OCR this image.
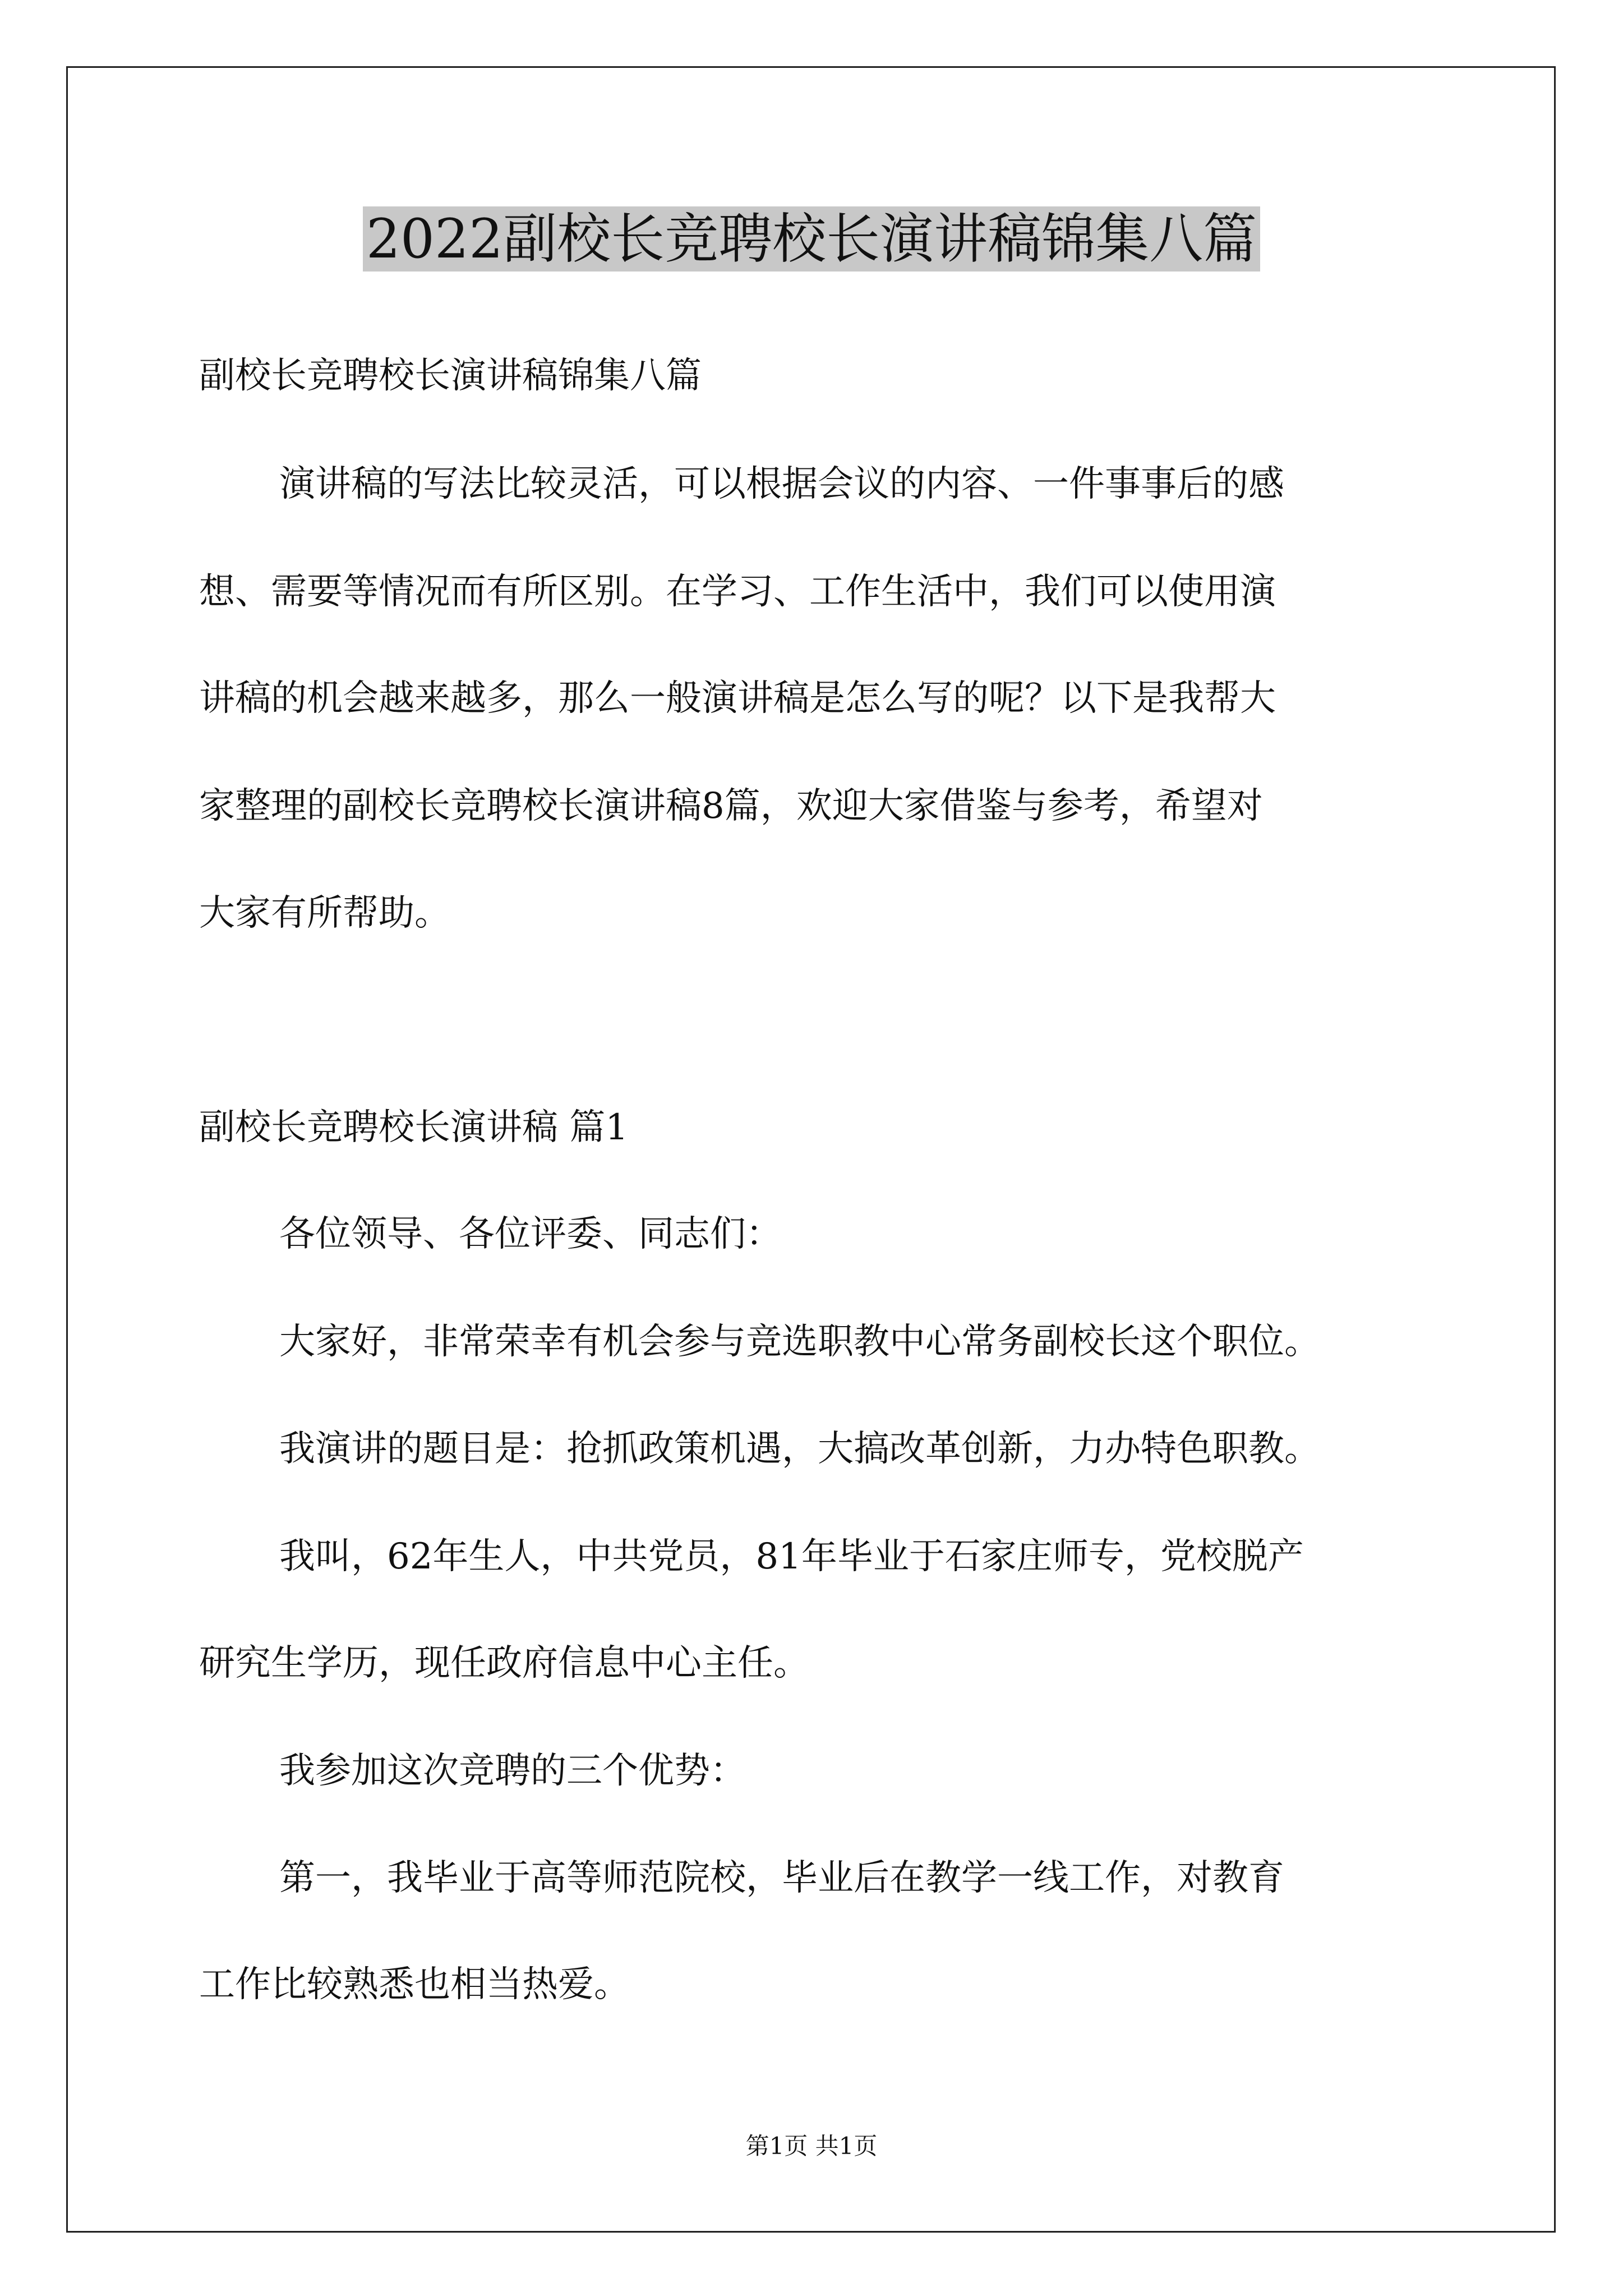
2022副校长竞聘校长演讲稿锦集八篇

副校长竞聘校长演讲稿锦集八篇

演讲稿的写法比较灵活，可以根据会议的内容、一件事事后的感

想、需要等情况而有所区别。在学习、工作生活中，我们可以使用演

讲稿的机会越来越多，那么一般演讲稿是怎么写的呢？以下是我帮大

家整理的副校长竞聘校长演讲稿8篇，欢迎大家借鉴与参考，希望对

大家有所帮助。

副校长竞聘校长演讲稿 篇1

各位领导、各位评委、同志们：

大家好，非常荣幸有机会参与竞选职教中心常务副校长这个职位。

我演讲的题目是：抢抓政策机遇，大搞改革创新，力办特色职教。

我叫，62年生人，中共党员，81年毕业于石家庄师专，党校脱产

研究生学历，现任政府信息中心主任。

我参加这次竞聘的三个优势：

第一，我毕业于高等师范院校，毕业后在教学一线工作，对教育

工作比较熟悉也相当热爱。

第1页 共1页
